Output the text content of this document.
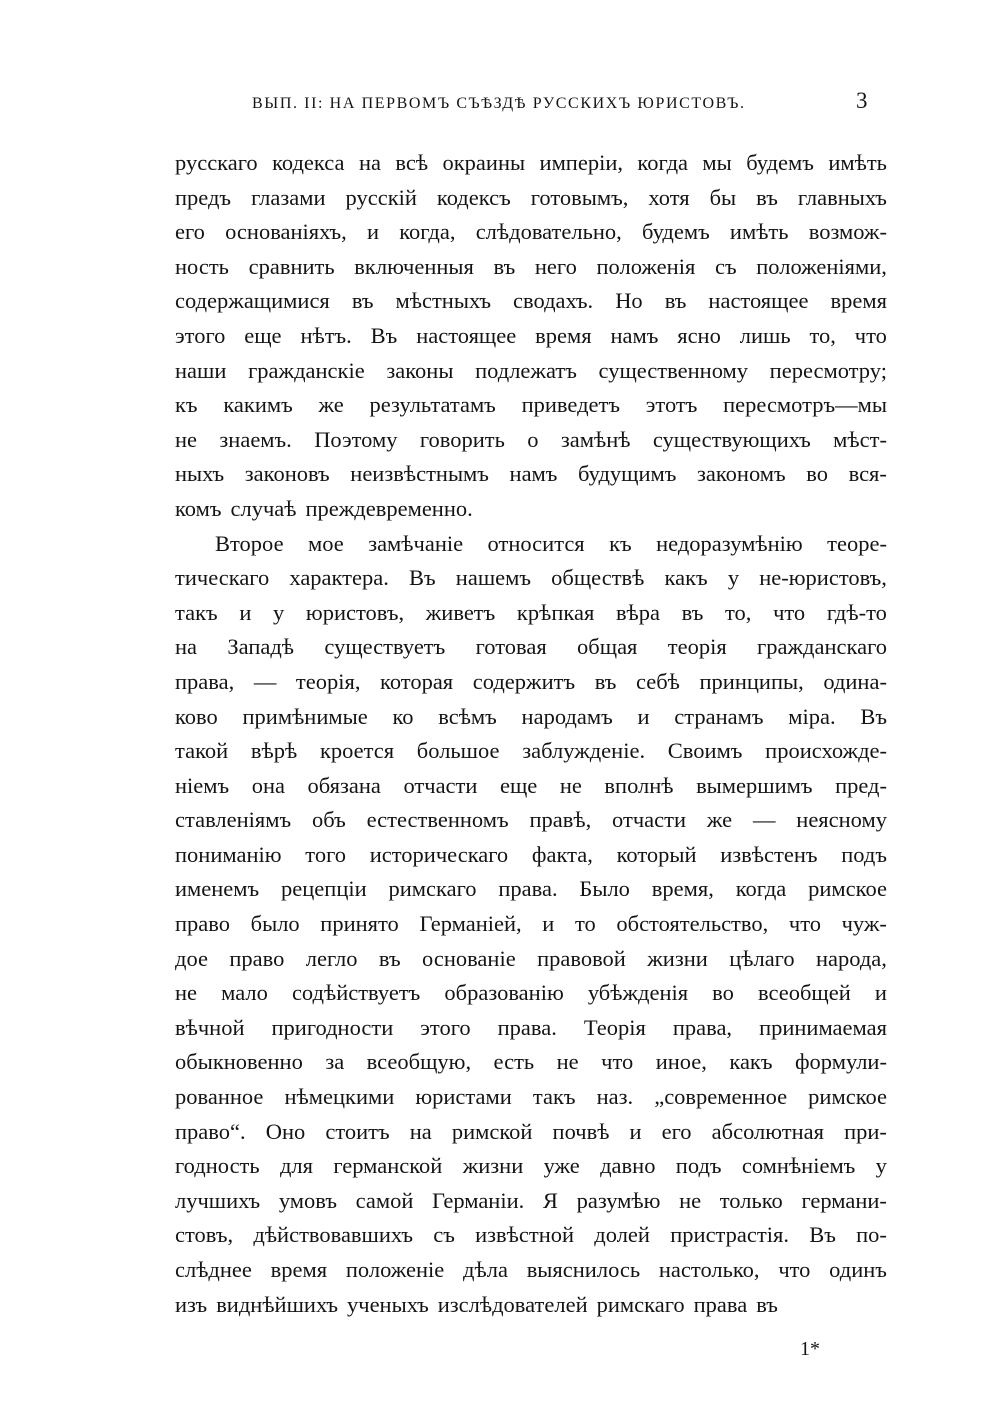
ВЫП. II: НА ПЕРВОМЪ СЪѢЗДѢ РУССКИХЪ ЮРИСТОВЪ.	3
русскаго кодекса на всѣ окраины имперіи, когда мы будемъ имѣть
предъ глазами русскій кодексъ готовымъ, хотя бы въ главныхъ
его основаніяхъ, и когда, слѣдовательно, будемъ имѣть возмож-
ность сравнить включенныя въ него положенія съ положеніями,
содержащимися въ мѣстныхъ сводахъ. Но въ настоящее время
этого еще нѣтъ. Въ настоящее время намъ ясно лишь то, что
наши гражданскіе законы подлежатъ существенному пересмотру;
къ какимъ же результатамъ приведетъ этотъ пересмотръ—мы
не знаемъ. Поэтому говорить о замѣнѣ существующихъ мѣст-
ныхъ законовъ неизвѣстнымъ намъ будущимъ закономъ во вся-
комъ случаѣ преждевременно.
Второе мое замѣчаніе относится къ недоразумѣнію теоре-
тическаго характера. Въ нашемъ обществѣ какъ у не-юристовъ,
такъ и у юристовъ, живетъ крѣпкая вѣра въ то, что гдѣ-то
на Западѣ существуетъ готовая общая теорія гражданскаго
права, — теорія, которая содержитъ въ себѣ принципы, одина-
ково примѣнимые ко всѣмъ народамъ и странамъ міра. Въ
такой вѣрѣ кроется большое заблужденіе. Своимъ происхожде-
ніемъ она обязана отчасти еще не вполнѣ вымершимъ пред-
ставленіямъ объ естественномъ правѣ, отчасти же — неясному
пониманію того историческаго факта, который извѣстенъ подъ
именемъ рецепціи римскаго права. Было время, когда римское
право было принято Германіей, и то обстоятельство, что чуж-
дое право легло въ основаніе правовой жизни цѣлаго народа,
не мало содѣйствуетъ образованію убѣжденія во всеобщей и
вѣчной пригодности этого права. Теорія права, принимаемая
обыкновенно за всеобщую, есть не что иное, какъ формули-
рованное нѣмецкими юристами такъ наз. „современное римское
право“. Оно стоитъ на римской почвѣ и его абсолютная при-
годность для германской жизни уже давно подъ сомнѣніемъ у
лучшихъ умовъ самой Германіи. Я разумѣю не только германи-
стовъ, дѣйствовавшихъ съ извѣстной долей пристрастія. Въ по-
слѣднее время положеніе дѣла выяснилось настолько, что одинъ
изъ виднѣйшихъ ученыхъ изслѣдователей римскаго права въ
1*
